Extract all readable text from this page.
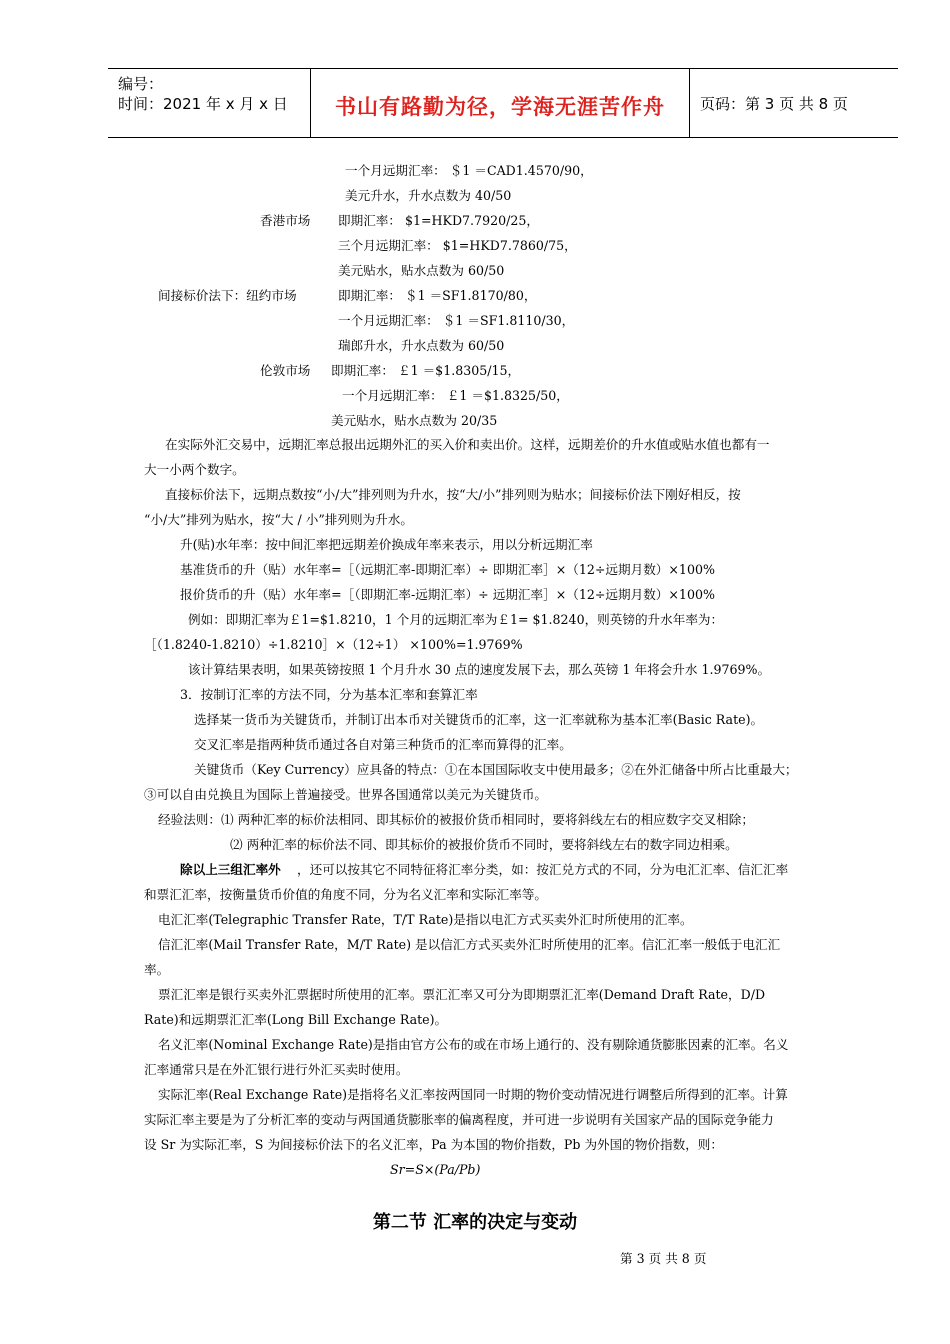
编号：
时间：2021 年 x 月 x 日	书山有路勤为径，学海无涯苦作舟	页码：第 3 页 共 8 页
一个月远期汇率： ＄1 ＝CAD1.4570/90，
美元升水，升水点数为 40/50
香港市场 即期汇率： $1=HKD7.7920/25，
三个月远期汇率： $1=HKD7.7860/75，
美元贴水，贴水点数为 60/50
间接标价法下：纽约市场	即期汇率： ＄1 ＝SF1.8170/80，
一个月远期汇率： ＄1 ＝SF1.8110/30，
瑞郎升水，升水点数为 60/50
伦敦市场 即期汇率： ￡1 ＝$1.8305/15，
一个月远期汇率： ￡1 ＝$1.8325/50，
美元贴水，贴水点数为 20/35
在实际外汇交易中，远期汇率总报出远期外汇的买入价和卖出价。这样，远期差价的升水值或贴水值也都有一
大一小两个数字。
直接标价法下，远期点数按“小/大”排列则为升水，按“大/小”排列则为贴水；间接标价法下刚好相反，按
“小/大”排列为贴水，按“大 / 小”排列则为升水。
升(贴)水年率：按中间汇率把远期差价换成年率来表示，用以分析远期汇率
基准货币的升（贴）水年率=［（远期汇率-即期汇率）÷ 即期汇率］×（12÷远期月数）×100%
报价货币的升（贴）水年率=［（即期汇率-远期汇率）÷ 远期汇率］×（12÷远期月数）×100%
例如：即期汇率为￡1=$1.8210，1 个月的远期汇率为￡1= $1.8240，则英镑的升水年率为：
［（1.8240-1.8210）÷1.8210］×（12÷1） ×100%=1.9769%
该计算结果表明，如果英镑按照 1 个月升水 30 点的速度发展下去，那么英镑 1 年将会升水 1.9769%。
3．按制订汇率的方法不同，分为基本汇率和套算汇率
选择某一货币为关键货币，并制订出本币对关键货币的汇率，这一汇率就称为基本汇率(Basic Rate)。
交叉汇率是指两种货币通过各自对第三种货币的汇率而算得的汇率。
关键货币（Key Currency）应具备的特点：①在本国国际收支中使用最多；②在外汇储备中所占比重最大；
③可以自由兑换且为国际上普遍接受。世界各国通常以美元为关键货币。
经验法则：⑴ 两种汇率的标价法相同、即其标价的被报价货币相同时，要将斜线左右的相应数字交叉相除；
⑵ 两种汇率的标价法不同、即其标价的被报价货币不同时，要将斜线左右的数字同边相乘。
除以上三组汇率外 ，还可以按其它不同特征将汇率分类，如：按汇兑方式的不同，分为电汇汇率、信汇汇率
和票汇汇率，按衡量货币价值的角度不同，分为名义汇率和实际汇率等。
电汇汇率(Telegraphic Transfer Rate，T/T Rate)是指以电汇方式买卖外汇时所使用的汇率。
信汇汇率(Mail Transfer Rate，M/T Rate) 是以信汇方式买卖外汇时所使用的汇率。信汇汇率一般低于电汇汇
率。
票汇汇率是银行买卖外汇票据时所使用的汇率。票汇汇率又可分为即期票汇汇率(Demand Draft Rate，D/D
Rate)和远期票汇汇率(Long Bill Exchange Rate)。
名义汇率(Nominal Exchange Rate)是指由官方公布的或在市场上通行的、没有剔除通货膨胀因素的汇率。名义
汇率通常只是在外汇银行进行外汇买卖时使用。
实际汇率(Real Exchange Rate)是指将名义汇率按两国同一时期的物价变动情况进行调整后所得到的汇率。计算
实际汇率主要是为了分析汇率的变动与两国通货膨胀率的偏离程度，并可进一步说明有关国家产品的国际竞争能力
设 Sr 为实际汇率，S 为间接标价法下的名义汇率，Pa 为本国的物价指数，Pb 为外国的物价指数，则：
Sr=S×(Pa/Pb)
第二节 汇率的决定与变动
第 3 页 共 8 页
